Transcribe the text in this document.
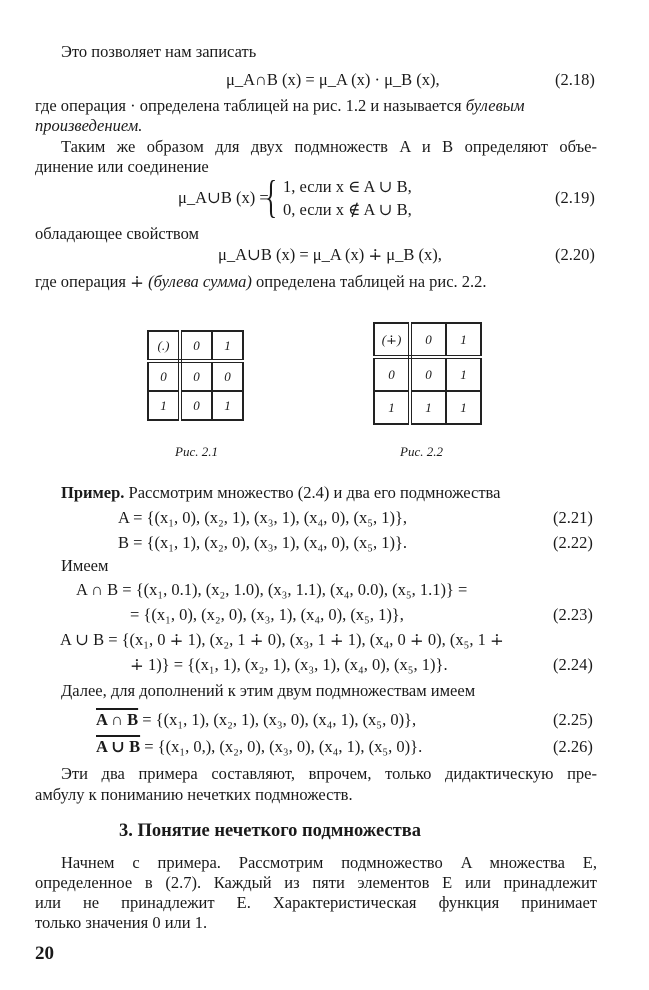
Это позволяет нам записать
μ_A∩B (x) = μ_A (x) · μ_B (x),	(2.18)
где операция · определена таблицей на рис. 1.2 и называется булевым
произведением.
Таким же образом для двух подмножеств A и B определяют объе-
динение или соединение
μ_A∪B (x) =
{ 1, если x ∈ A ∪ B,
0, если x ∉ A ∪ B,
(2.19)
обладающее свойством
μ_A∪B (x) = μ_A (x) ∔ μ_B (x),	(2.20)
где операция ∔ (булева сумма) определена таблицей на рис. 2.2.
(.)	0	1
0	0	0
1	0	1
Рис. 2.1
(∔)	0	1
0	0	1
1	1	1
Рис. 2.2
Пример. Рассмотрим множество (2.4) и два его подмножества
A = {(x₁, 0), (x₂, 1), (x₃, 1), (x₄, 0), (x₅, 1)},	(2.21)
B = {(x₁, 1), (x₂, 0), (x₃, 1), (x₄, 0), (x₅, 1)}.	(2.22)
Имеем
A ∩ B = {(x₁, 0.1), (x₂, 1.0), (x₃, 1.1), (x₄, 0.0), (x₅, 1.1)} =
= {(x₁, 0), (x₂, 0), (x₃, 1), (x₄, 0), (x₅, 1)},	(2.23)
A ∪ B = {(x₁, 0 ∔ 1), (x₂, 1 ∔ 0), (x₃, 1 ∔ 1), (x₄, 0 ∔ 0), (x₅, 1 ∔
∔ 1)} = {(x₁, 1), (x₂, 1), (x₃, 1), (x₄, 0), (x₅, 1)}.	(2.24)
Далее, для дополнений к этим двум подмножествам имеем
A ∩ B = {(x₁, 1), (x₂, 1), (x₃, 0), (x₄, 1), (x₅, 0)},	(2.25)
A ∪ B = {(x₁, 0,), (x₂, 0), (x₃, 0), (x₄, 1), (x₅, 0)}.	(2.26)
Эти два примера составляют, впрочем, только дидактическую пре-
амбулу к пониманию нечетких подмножеств.
3. Понятие нечеткого подмножества
Начнем с примера. Рассмотрим подмножество A множества E,
определенное в (2.7). Каждый из пяти элементов E или принадлежит
или не принадлежит E. Характеристическая функция принимает
только значения 0 или 1.
20
